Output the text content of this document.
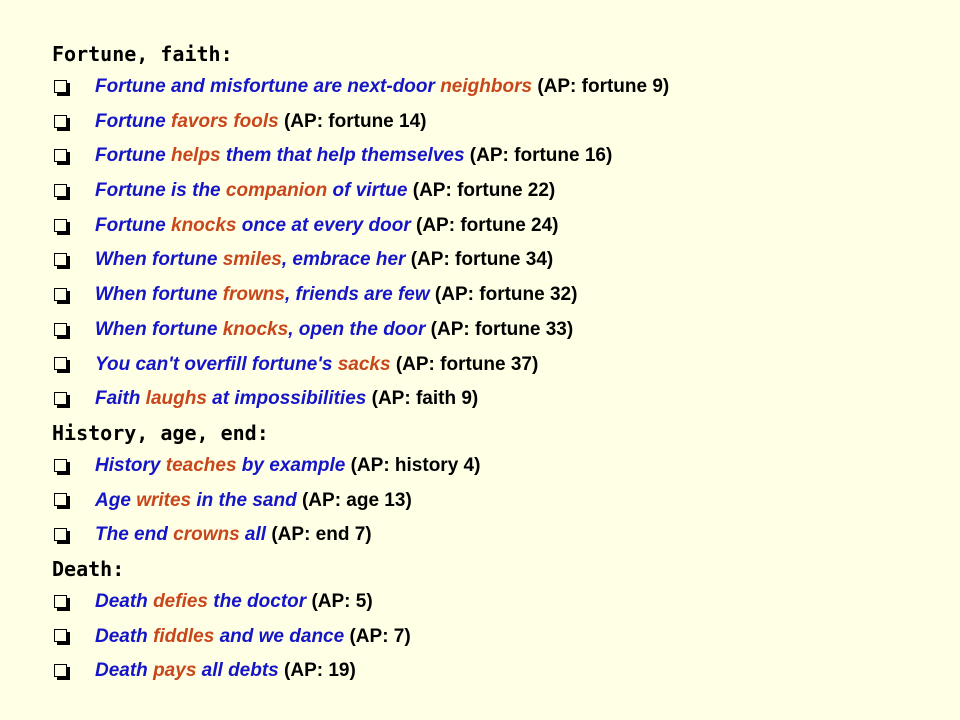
Fortune, faith:
Fortune and misfortune are next-door neighbors (AP: fortune 9)
Fortune favors fools (AP: fortune 14)
Fortune helps them that help themselves (AP: fortune 16)
Fortune is the companion of virtue (AP: fortune 22)
Fortune knocks once at every door (AP: fortune 24)
When fortune smiles, embrace her (AP: fortune 34)
When fortune frowns, friends are few (AP: fortune 32)
When fortune knocks, open the door (AP: fortune 33)
You can't overfill fortune's sacks (AP: fortune 37)
Faith laughs at impossibilities (AP: faith 9)
History, age, end:
History teaches by example (AP: history 4)
Age writes in the sand (AP: age 13)
The end crowns all (AP: end 7)
Death:
Death defies the doctor (AP: 5)
Death fiddles and we dance (AP: 7)
Death pays all debts (AP: 19)
